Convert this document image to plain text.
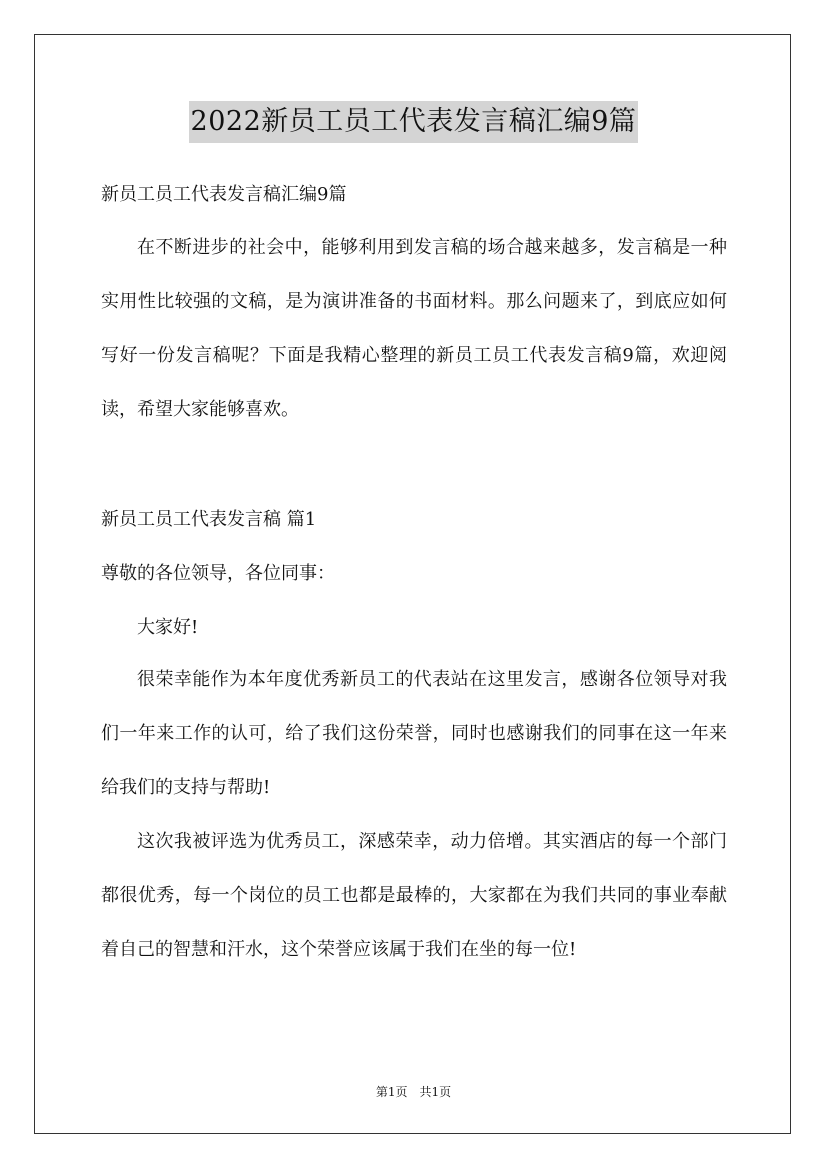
2022新员工员工代表发言稿汇编9篇

新员工员工代表发言稿汇编9篇

在不断进步的社会中，能够利用到发言稿的场合越来越多，发言稿是一种实用性比较强的文稿，是为演讲准备的书面材料。那么问题来了，到底应如何写好一份发言稿呢？下面是我精心整理的新员工员工代表发言稿9篇，欢迎阅读，希望大家能够喜欢。

新员工员工代表发言稿 篇1

尊敬的各位领导，各位同事：

大家好!

很荣幸能作为本年度优秀新员工的代表站在这里发言，感谢各位领导对我们一年来工作的认可，给了我们这份荣誉，同时也感谢我们的同事在这一年来给我们的支持与帮助!

这次我被评选为优秀员工，深感荣幸，动力倍增。其实酒店的每一个部门都很优秀，每一个岗位的员工也都是最棒的，大家都在为我们共同的事业奉献着自己的智慧和汗水，这个荣誉应该属于我们在坐的每一位!

第1页 共1页
